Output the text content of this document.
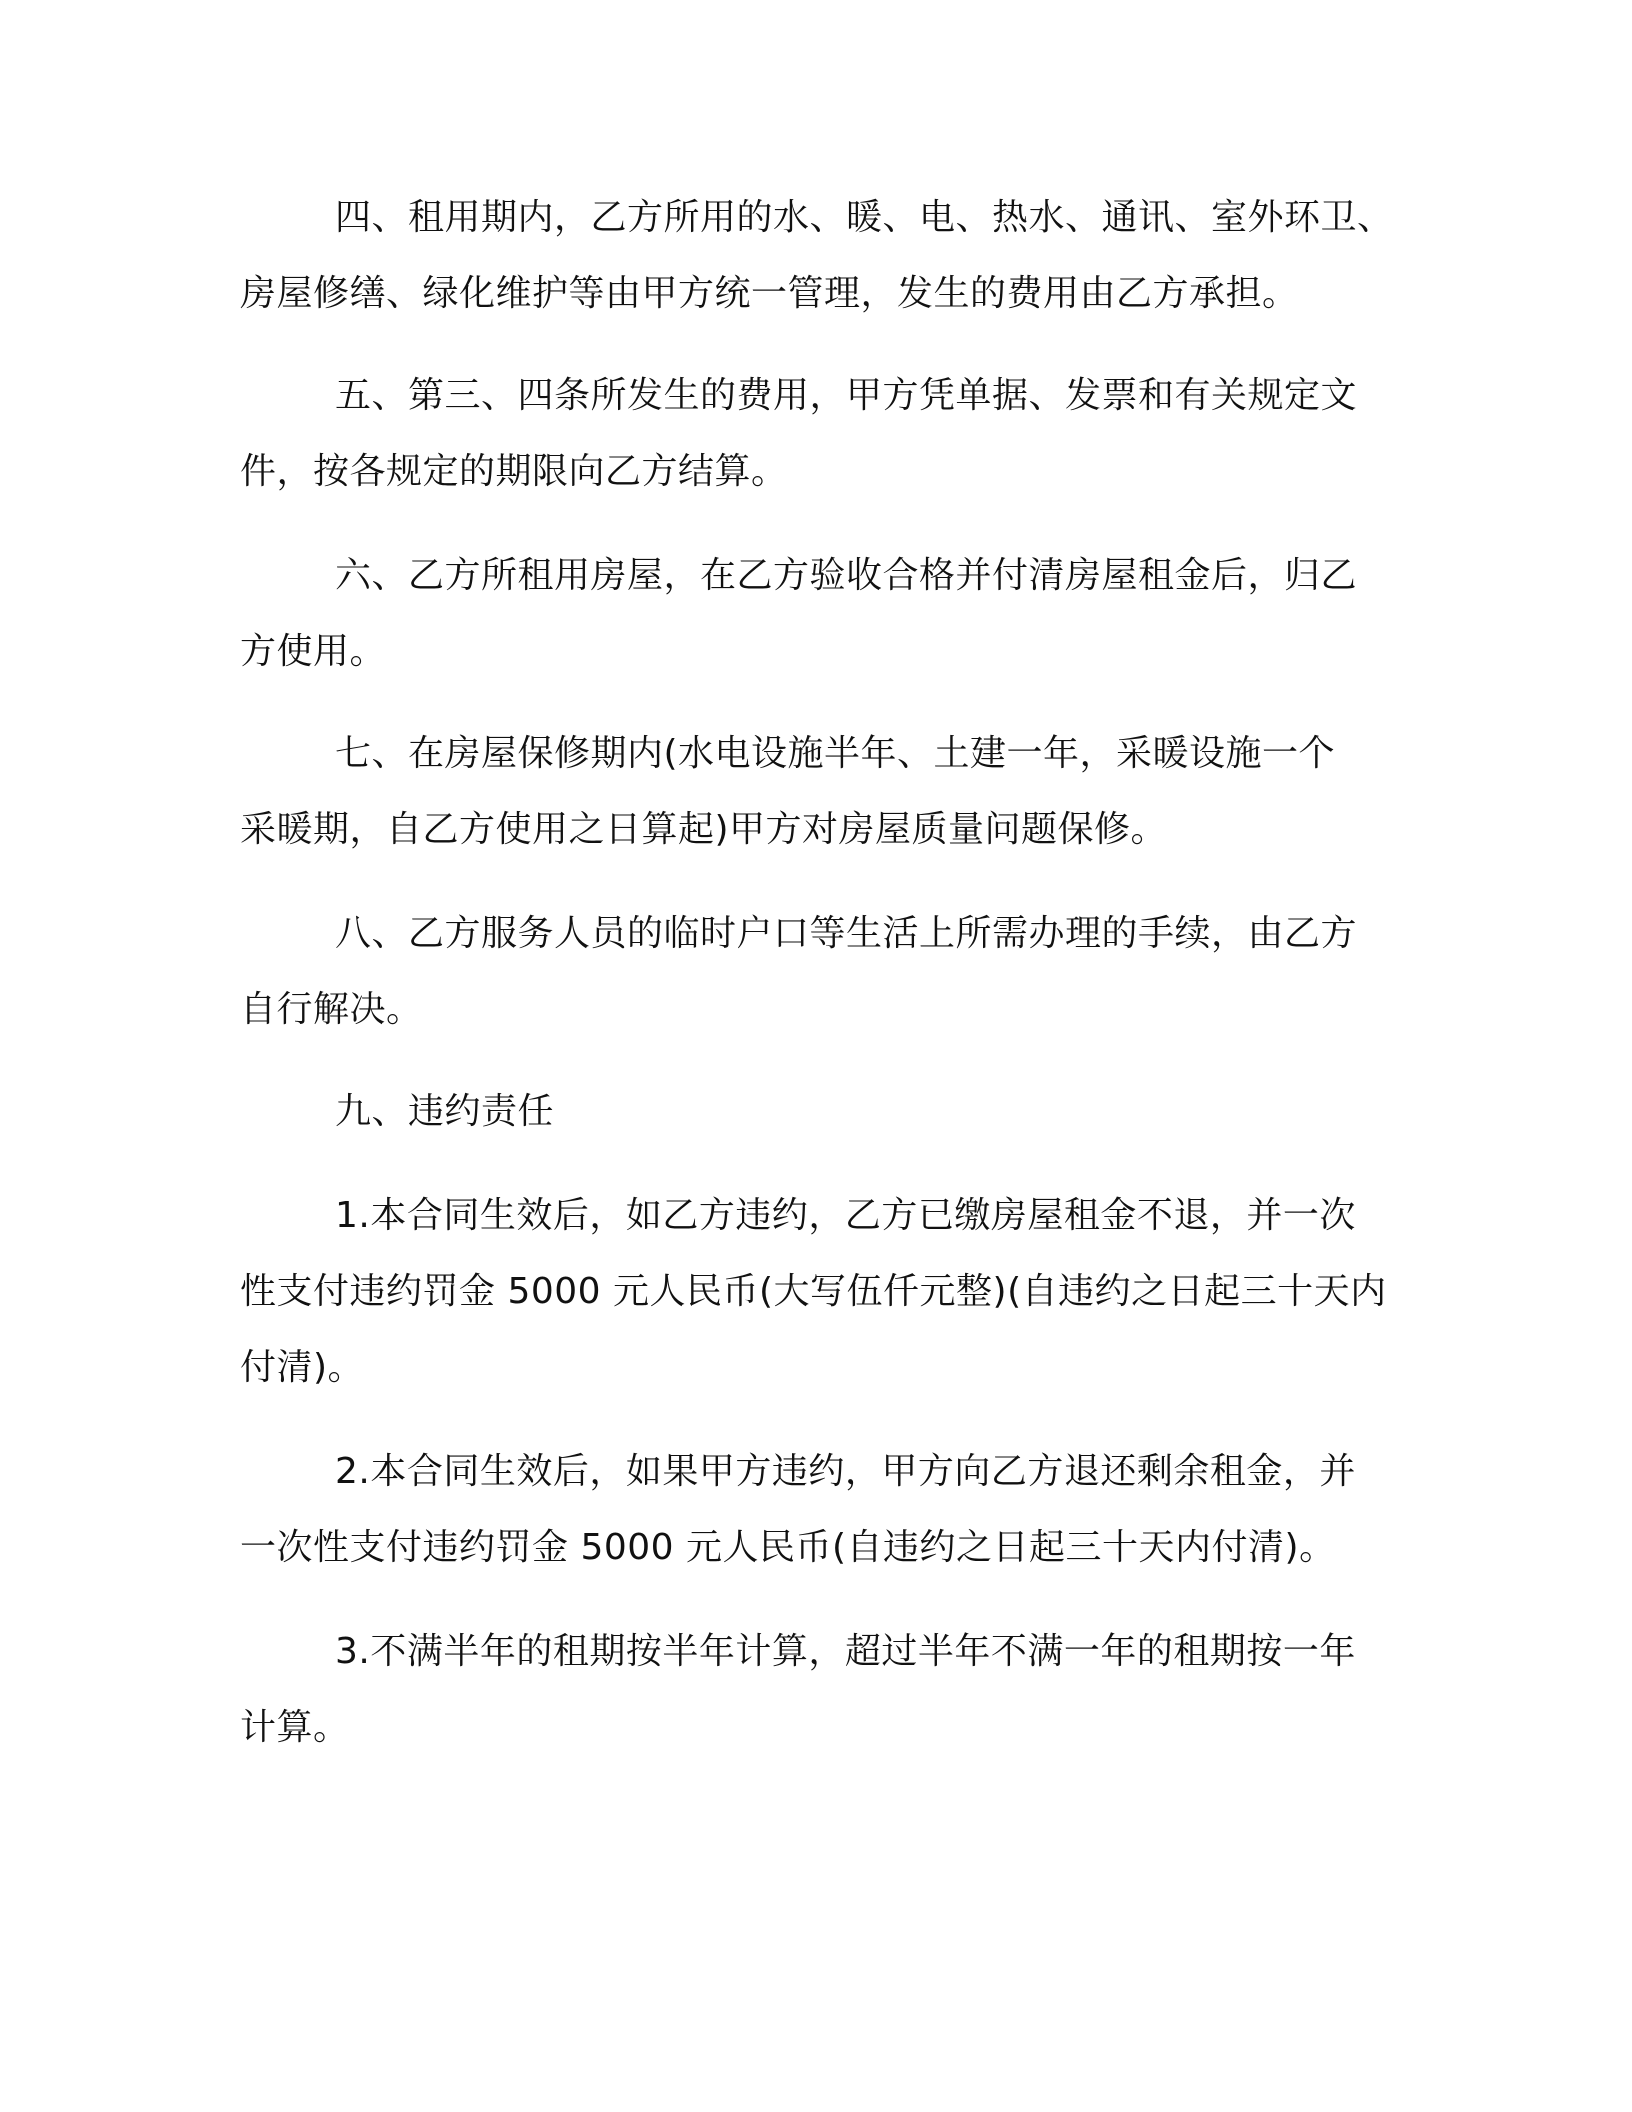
四、租用期内，乙方所用的水、暖、电、热水、通讯、室外环卫、
房屋修缮、绿化维护等由甲方统一管理，发生的费用由乙方承担。
五、第三、四条所发生的费用，甲方凭单据、发票和有关规定文
件，按各规定的期限向乙方结算。
六、乙方所租用房屋，在乙方验收合格并付清房屋租金后，归乙
方使用。
七、在房屋保修期内(水电设施半年、土建一年，采暖设施一个
采暖期，自乙方使用之日算起)甲方对房屋质量问题保修。
八、乙方服务人员的临时户口等生活上所需办理的手续，由乙方
自行解决。
九、违约责任
1.本合同生效后，如乙方违约，乙方已缴房屋租金不退，并一次
性支付违约罚金 5000 元人民币(大写伍仟元整)(自违约之日起三十天内
付清)。
2.本合同生效后，如果甲方违约，甲方向乙方退还剩余租金，并
一次性支付违约罚金 5000 元人民币(自违约之日起三十天内付清)。
3.不满半年的租期按半年计算，超过半年不满一年的租期按一年
计算。
